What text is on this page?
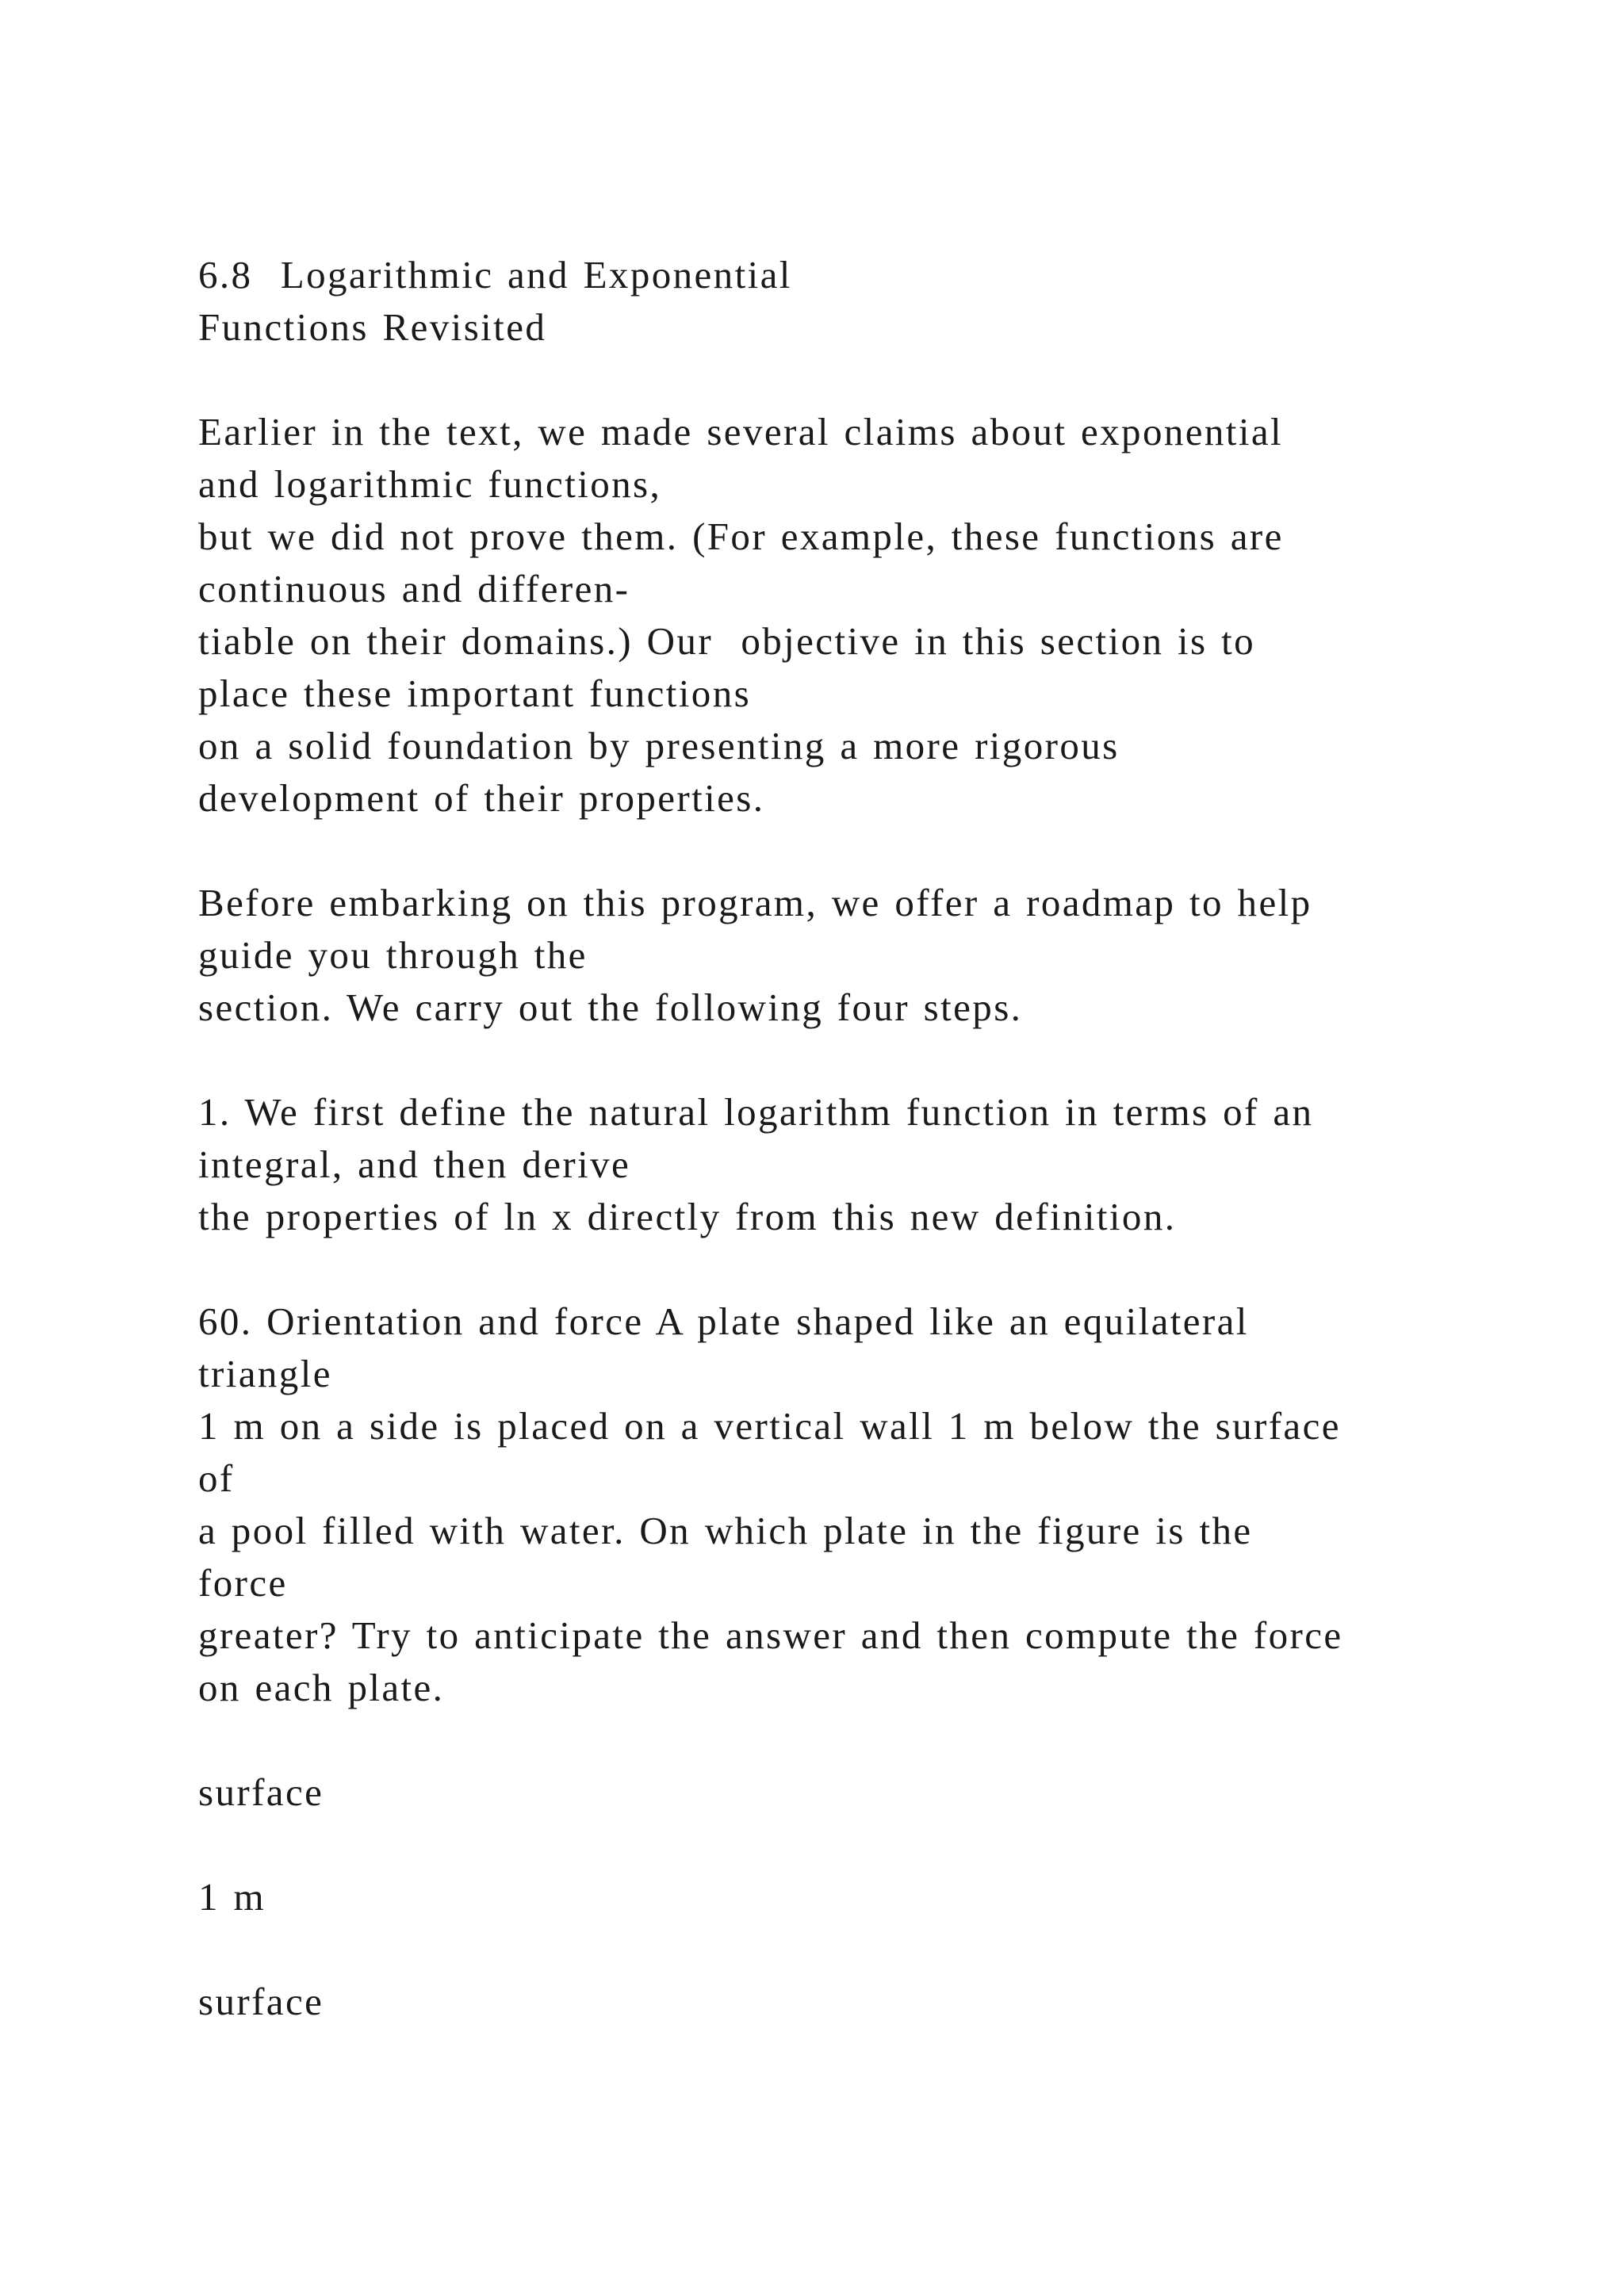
6.8  Logarithmic and Exponential
Functions Revisited
Earlier in the text, we made several claims about exponential
and logarithmic functions,
but we did not prove them. (For example, these functions are
continuous and differen-
tiable on their domains.) Our  objective in this section is to
place these important functions
on a solid foundation by presenting a more rigorous
development of their properties.
Before embarking on this program, we offer a roadmap to help
guide you through the
section. We carry out the following four steps.
1. We first define the natural logarithm function in terms of an
integral, and then derive
the properties of ln x directly from this new definition.
60. Orientation and force A plate shaped like an equilateral
triangle
1 m on a side is placed on a vertical wall 1 m below the surface
of
a pool filled with water. On which plate in the figure is the
force
greater? Try to anticipate the answer and then compute the force
on each plate.
surface
1 m
surface
